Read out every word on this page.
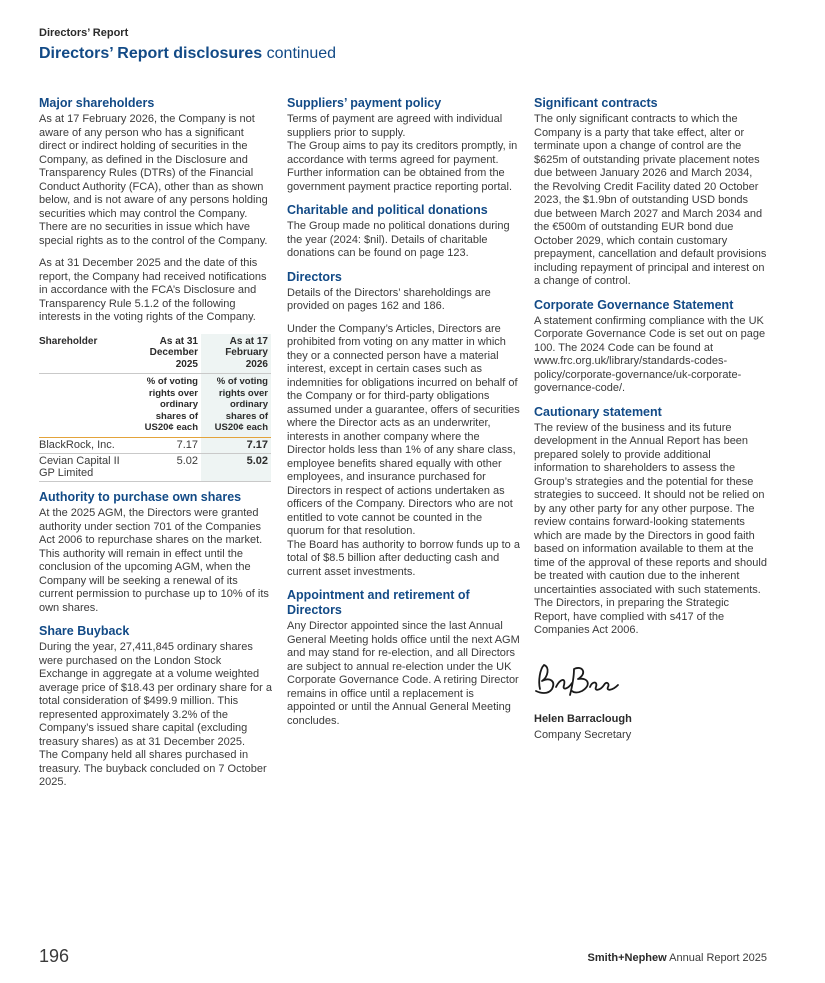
Directors’ Report
Directors’ Report disclosures continued
Major shareholders

As at 17 February 2026, the Company is not aware of any person who has a significant direct or indirect holding of securities in the Company, as defined in the Disclosure and Transparency Rules (DTRs) of the Financial Conduct Authority (FCA), other than as shown below, and is not aware of any persons holding securities which may control the Company. There are no securities in issue which have special rights as to the control of the Company.

As at 31 December 2025 and the date of this report, the Company had received notifications in accordance with the FCA’s Disclosure and Transparency Rule 5.1.2 of the following interests in the voting rights of the Company.

Shareholder	As at 31 December 2025	As at 17 February 2026
	% of voting rights over ordinary shares of US20¢ each	% of voting rights over ordinary shares of US20¢ each
BlackRock, Inc.	7.17	7.17
Cevian Capital II GP Limited	5.02	5.02
Authority to purchase own shares

At the 2025 AGM, the Directors were granted authority under section 701 of the Companies Act 2006 to repurchase shares on the market. This authority will remain in effect until the conclusion of the upcoming AGM, when the Company will be seeking a renewal of its current permission to purchase up to 10% of its own shares.

Share Buyback

During the year, 27,411,845 ordinary shares were purchased on the London Stock Exchange in aggregate at a volume weighted average price of $18.43 per ordinary share for a total consideration of $499.9 million. This represented approximately 3.2% of the Company’s issued share capital (excluding treasury shares) as at 31 December 2025.

The Company held all shares purchased in treasury. The buyback concluded on 7 October 2025.

Suppliers’ payment policy

Terms of payment are agreed with individual suppliers prior to supply.

The Group aims to pay its creditors promptly, in accordance with terms agreed for payment. Further information can be obtained from the government payment practice reporting portal.

Charitable and political donations

The Group made no political donations during the year (2024: $nil). Details of charitable donations can be found on page 123.

Directors

Details of the Directors’ shareholdings are provided on pages 162 and 186.

Under the Company’s Articles, Directors are prohibited from voting on any matter in which they or a connected person have a material interest, except in certain cases such as indemnities for obligations incurred on behalf of the Company or for third-party obligations assumed under a guarantee, offers of securities where the Director acts as an underwriter, interests in another company where the Director holds less than 1% of any share class, employee benefits shared equally with other employees, and insurance purchased for Directors in respect of actions undertaken as officers of the Company. Directors who are not entitled to vote cannot be counted in the quorum for that resolution.

The Board has authority to borrow funds up to a total of $8.5 billion after deducting cash and current asset investments.

Appointment and retirement of Directors

Any Director appointed since the last Annual General Meeting holds office until the next AGM and may stand for re-election, and all Directors are subject to annual re-election under the UK Corporate Governance Code. A retiring Director remains in office until a replacement is appointed or until the Annual General Meeting concludes.

Significant contracts

The only significant contracts to which the Company is a party that take effect, alter or terminate upon a change of control are the $625m of outstanding private placement notes due between January 2026 and March 2034, the Revolving Credit Facility dated 20 October 2023, the $1.9bn of outstanding USD bonds due between March 2027 and March 2034 and the €500m of outstanding EUR bond due October 2029, which contain customary prepayment, cancellation and default provisions including repayment of principal and interest on a change of control.

Corporate Governance Statement

A statement confirming compliance with the UK Corporate Governance Code is set out on page 100. The 2024 Code can be found at www.frc.org.uk/library/standards-codes-policy/corporate-governance/uk-corporate-governance-code/.

Cautionary statement

The review of the business and its future development in the Annual Report has been prepared solely to provide additional information to shareholders to assess the Group’s strategies and the potential for these strategies to succeed. It should not be relied on by any other party for any other purpose. The review contains forward-looking statements which are made by the Directors in good faith based on information available to them at the time of the approval of these reports and should be treated with caution due to the inherent uncertainties associated with such statements. The Directors, in preparing the Strategic Report, have complied with s417 of the Companies Act 2006.

Helen Barraclough

Company Secretary

196	Smith+Nephew Annual Report 2025
